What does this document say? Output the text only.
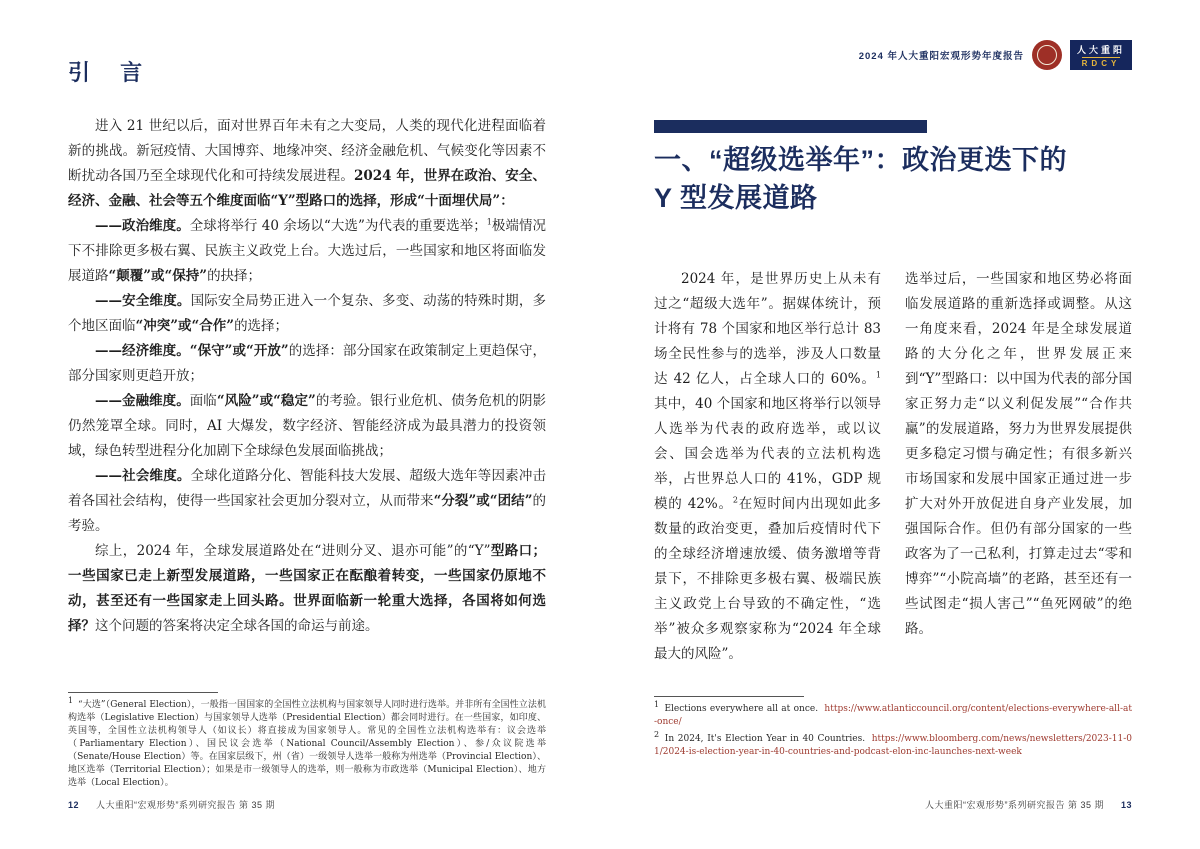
引 言

进入 21 世纪以后，面对世界百年未有之大变局，人类的现代化进程面临着新的挑战。新冠疫情、大国博弈、地缘冲突、经济金融危机、气候变化等因素不断扰动各国乃至全球现代化和可持续发展进程。2024 年，世界在政治、安全、经济、金融、社会等五个维度面临“Y”型路口的选择，形成“十面埋伏局”：

——政治维度。全球将举行 40 余场以“大选”为代表的重要选举；$^1$极端情况下不排除更多极右翼、民族主义政党上台。大选过后，一些国家和地区将面临发展道路“颠覆”或“保持”的抉择；

——安全维度。国际安全局势正进入一个复杂、多变、动荡的特殊时期，多个地区面临“冲突”或“合作”的选择；

——经济维度。“保守”或“开放”的选择：部分国家在政策制定上更趋保守，部分国家则更趋开放；

——金融维度。面临“风险”或“稳定”的考验。银行业危机、债务危机的阴影仍然笼罩全球。同时，AI 大爆发，数字经济、智能经济成为最具潜力的投资领域，绿色转型进程分化加剧下全球绿色发展面临挑战；

——社会维度。全球化道路分化、智能科技大发展、超级大选年等因素冲击着各国社会结构，使得一些国家社会更加分裂对立，从而带来“分裂”或“团结”的考验。

综上，2024 年，全球发展道路处在“进则分叉、退亦可能”的“Y”型路口；一些国家已走上新型发展道路，一些国家正在酝酿着转变，一些国家仍原地不动，甚至还有一些国家走上回头路。世界面临新一轮重大选择，各国将如何选择？这个问题的答案将决定全球各国的命运与前途。

$^1$ “大选”（General Election），一般指一国国家的全国性立法机构与国家领导人同时进行选举。并非所有全国性立法机构选举（Legislative Election）与国家领导人选举（Presidential Election）都会同时进行。在一些国家，如印度、英国等，全国性立法机构领导人（如议长）将直接成为国家领导人。常见的全国性立法机构选举有：议会选举（Parliamentary Election）、国民议会选举（National Council/Assembly Election）、参/众议院选举（Senate/House Election）等。在国家层级下，州（省）一级领导人选举一般称为州选举（Provincial Election）、地区选举（Territorial Election）；如果是市一级领导人的选举，则一般称为市政选举（Municipal Election）、地方选举（Local Election）。

12 人大重阳“宏观形势”系列研究报告 第 35 期
2024 年人大重阳宏观形势年度报告
人大重阳
RDCY
一、“超级选举年”：政治更迭下的
Y 型发展道路

2024 年，是世界历史上从未有过之“超级大选年”。据媒体统计，预计将有 78 个国家和地区举行总计 83 场全民性参与的选举，涉及人口数量达 42 亿人，占全球人口的 60%。$^1$其中，40 个国家和地区将举行以领导人选举为代表的政府选举，或以议会、国会选举为代表的立法机构选举，占世界总人口的 41%，GDP 规模的 42%。$^2$在短时间内出现如此多数量的政治变更，叠加后疫情时代下的全球经济增速放缓、债务激增等背景下，不排除更多极右翼、极端民族主义政党上台导致的不确定性，“选举”被众多观察家称为“2024 年全球最大的风险”。

选举过后，一些国家和地区势必将面临发展道路的重新选择或调整。从这一角度来看，2024 年是全球发展道路的大分化之年，世界发展正来到“Y”型路口：以中国为代表的部分国家正努力走“以义利促发展”“合作共赢”的发展道路，努力为世界发展提供更多稳定习惯与确定性；有很多新兴市场国家和发展中国家正通过进一步扩大对外开放促进自身产业发展，加强国际合作。但仍有部分国家的一些政客为了一己私利，打算走过去“零和博弈”“小院高墙”的老路，甚至还有一些试图走“损人害己”“鱼死网破”的绝路。

$^1$ Elections everywhere all at once. https://www.atlanticcouncil.org/content/elections-everywhere-all-at-once/

$^2$ In 2024, It's Election Year in 40 Countries. https://www.bloomberg.com/news/newsletters/2023-11-01/2024-is-election-year-in-40-countries-and-podcast-elon-inc-launches-next-week

人大重阳“宏观形势”系列研究报告 第 35 期 13
